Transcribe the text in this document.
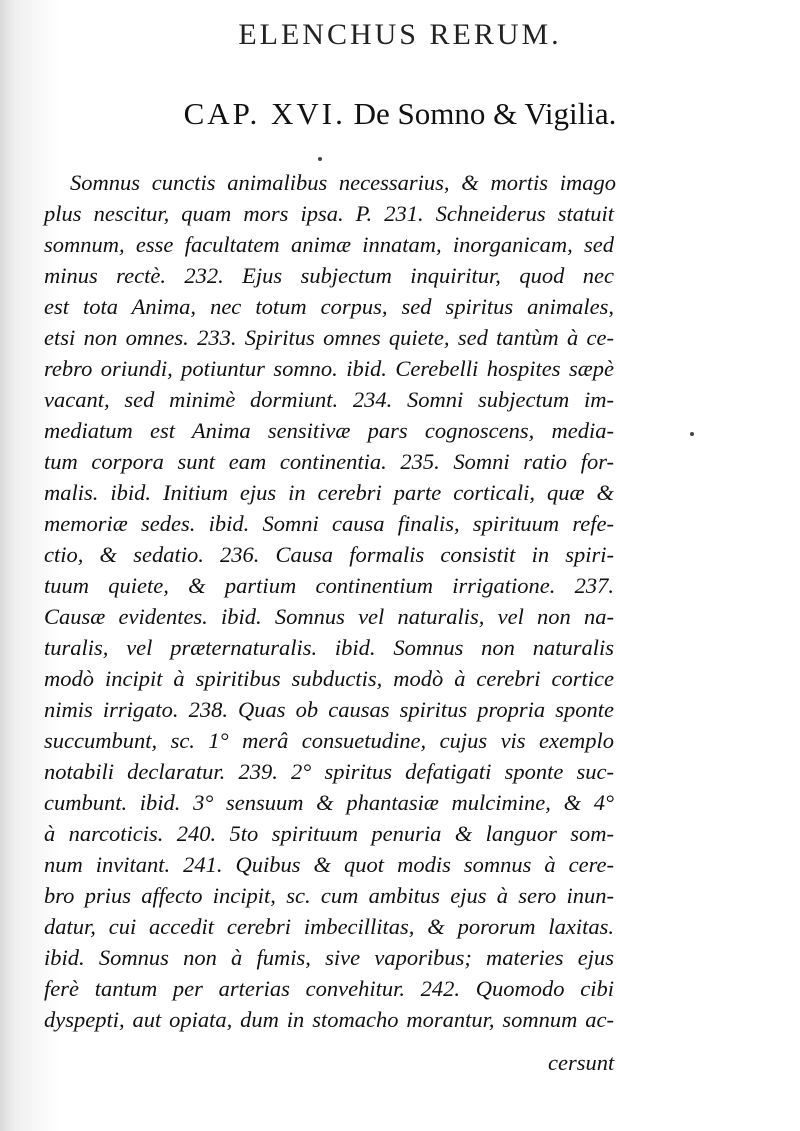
ELENCHUS RERUM.
CAP. XVI. De Somno & Vigilia.
Somnus cunctis animalibus necessarius, & mortis imago
plus nescitur, quam mors ipsa. P. 231. Schneiderus statuit
somnum, esse facultatem animæ innatam, inorganicam, sed
minus rectè. 232. Ejus subjectum inquiritur, quod nec
est tota Anima, nec totum corpus, sed spiritus animales,
etsi non omnes. 233. Spiritus omnes quiete, sed tantùm à ce-
rebro oriundi, potiuntur somno. ibid. Cerebelli hospites sæpè
vacant, sed minimè dormiunt. 234. Somni subjectum im-
mediatum est Anima sensitivæ pars cognoscens, media-
tum corpora sunt eam continentia. 235. Somni ratio for-
malis. ibid. Initium ejus in cerebri parte corticali, quæ &
memoriæ sedes. ibid. Somni causa finalis, spirituum refe-
ctio, & sedatio. 236. Causa formalis consistit in spiri-
tuum quiete, & partium continentium irrigatione. 237.
Causæ evidentes. ibid. Somnus vel naturalis, vel non na-
turalis, vel præternaturalis. ibid. Somnus non naturalis
modò incipit à spiritibus subductis, modò à cerebri cortice
nimis irrigato. 238. Quas ob causas spiritus propria sponte
succumbunt, sc. 1° merâ consuetudine, cujus vis exemplo
notabili declaratur. 239. 2° spiritus defatigati sponte suc-
cumbunt. ibid. 3° sensuum & phantasiæ mulcimine, & 4°
à narcoticis. 240. 5to spirituum penuria & languor som-
num invitant. 241. Quibus & quot modis somnus à cere-
bro prius affecto incipit, sc. cum ambitus ejus à sero inun-
datur, cui accedit cerebri imbecillitas, & pororum laxitas.
ibid. Somnus non à fumis, sive vaporibus; materies ejus
ferè tantum per arterias convehitur. 242. Quomodo cibi
dyspepti, aut opiata, dum in stomacho morantur, somnum ac-
cersunt
